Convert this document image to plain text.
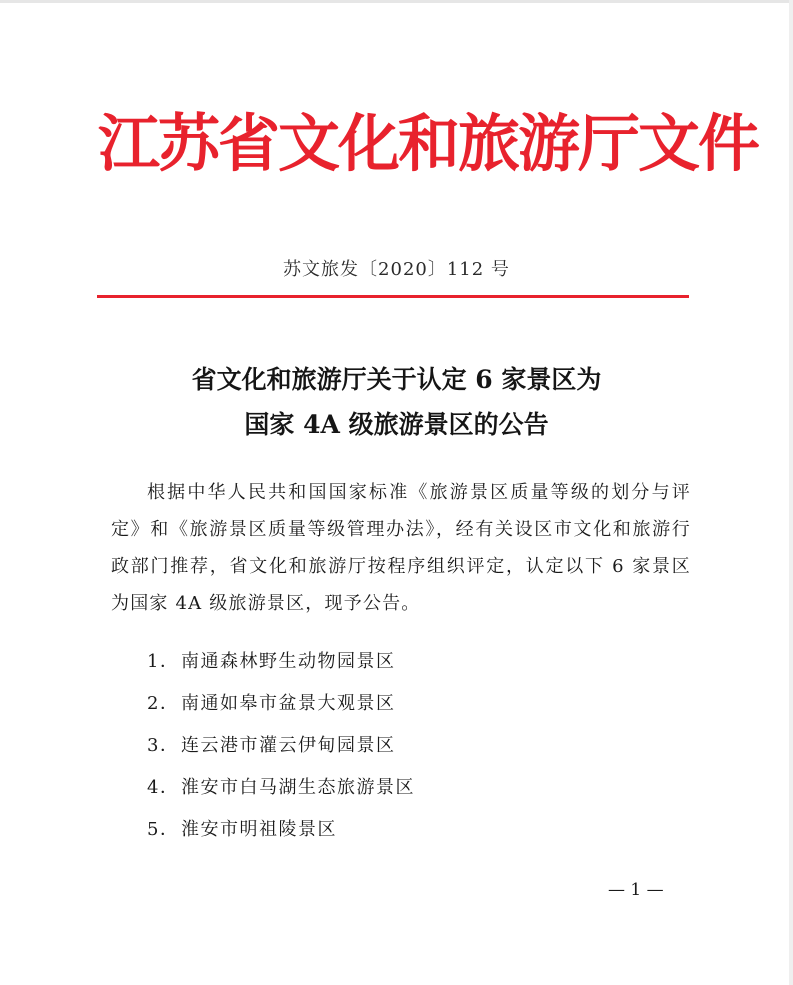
江苏省文化和旅游厅文件
苏文旅发〔2020〕112 号
省文化和旅游厅关于认定 6 家景区为
国家 4A 级旅游景区的公告

根据中华人民共和国国家标准《旅游景区质量等级的划分与评定》和《旅游景区质量等级管理办法》，经有关设区市文化和旅游行政部门推荐，省文化和旅游厅按程序组织评定，认定以下 6 家景区为国家 4A 级旅游景区，现予公告。

1．南通森林野生动物园景区
2．南通如皋市盆景大观景区
3．连云港市灌云伊甸园景区
4．淮安市白马湖生态旅游景区
5．淮安市明祖陵景区
— 1 —
